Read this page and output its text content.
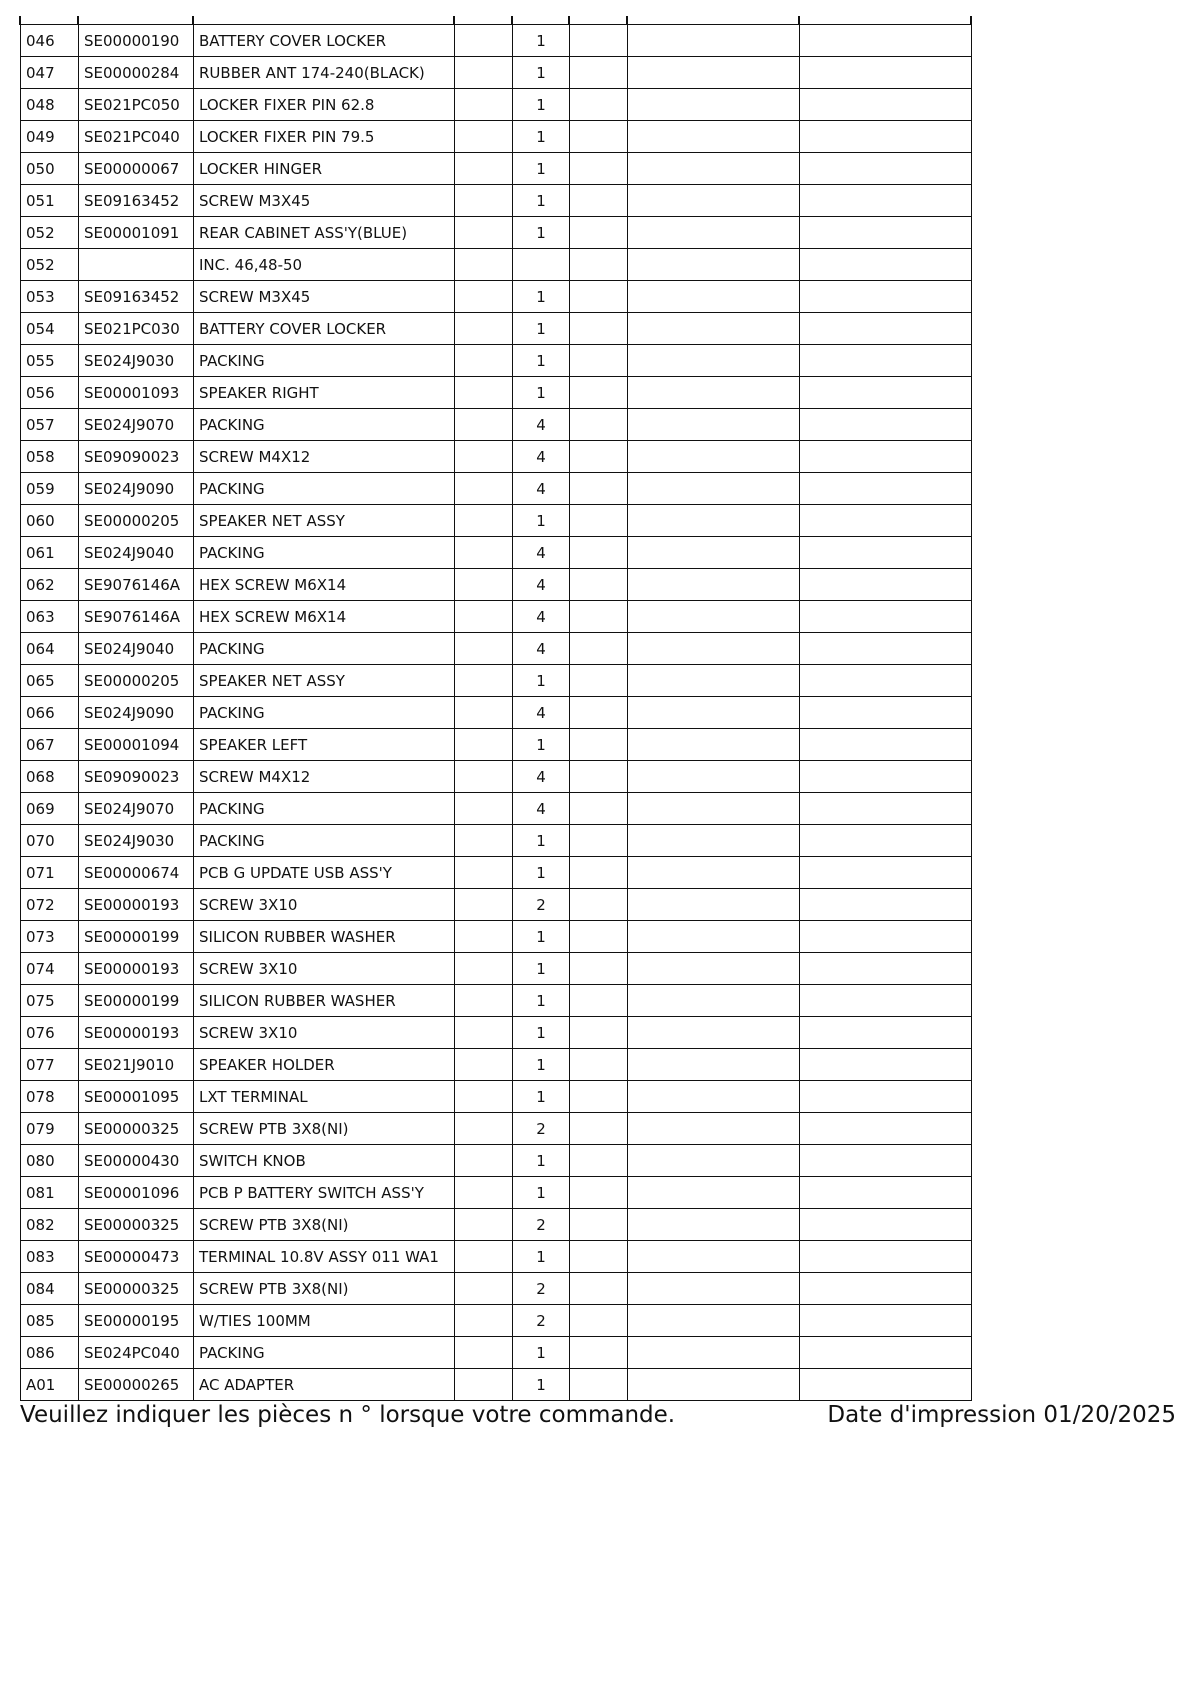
046	SE00000190	BATTERY COVER LOCKER		1			
047	SE00000284	RUBBER ANT 174-240(BLACK)		1			
048	SE021PC050	LOCKER FIXER PIN 62.8		1			
049	SE021PC040	LOCKER FIXER PIN 79.5		1			
050	SE00000067	LOCKER HINGER		1			
051	SE09163452	SCREW M3X45		1			
052	SE00001091	REAR CABINET ASS'Y(BLUE)		1			
052		INC. 46,48-50					
053	SE09163452	SCREW M3X45		1			
054	SE021PC030	BATTERY COVER LOCKER		1			
055	SE024J9030	PACKING		1			
056	SE00001093	SPEAKER RIGHT		1			
057	SE024J9070	PACKING		4			
058	SE09090023	SCREW M4X12		4			
059	SE024J9090	PACKING		4			
060	SE00000205	SPEAKER NET ASSY		1			
061	SE024J9040	PACKING		4			
062	SE9076146A	HEX SCREW M6X14		4			
063	SE9076146A	HEX SCREW M6X14		4			
064	SE024J9040	PACKING		4			
065	SE00000205	SPEAKER NET ASSY		1			
066	SE024J9090	PACKING		4			
067	SE00001094	SPEAKER LEFT		1			
068	SE09090023	SCREW M4X12		4			
069	SE024J9070	PACKING		4			
070	SE024J9030	PACKING		1			
071	SE00000674	PCB G UPDATE USB ASS'Y		1			
072	SE00000193	SCREW 3X10		2			
073	SE00000199	SILICON RUBBER WASHER		1			
074	SE00000193	SCREW 3X10		1			
075	SE00000199	SILICON RUBBER WASHER		1			
076	SE00000193	SCREW 3X10		1			
077	SE021J9010	SPEAKER HOLDER		1			
078	SE00001095	LXT TERMINAL		1			
079	SE00000325	SCREW PTB 3X8(NI)		2			
080	SE00000430	SWITCH KNOB		1			
081	SE00001096	PCB P BATTERY SWITCH ASS'Y		1			
082	SE00000325	SCREW PTB 3X8(NI)		2			
083	SE00000473	TERMINAL 10.8V ASSY 011 WA1		1			
084	SE00000325	SCREW PTB 3X8(NI)		2			
085	SE00000195	W/TIES 100MM		2			
086	SE024PC040	PACKING		1			
A01	SE00000265	AC ADAPTER		1			
Veuillez indiquer les pièces n ° lorsque votre commande.	Date d'impression 01/20/2025
